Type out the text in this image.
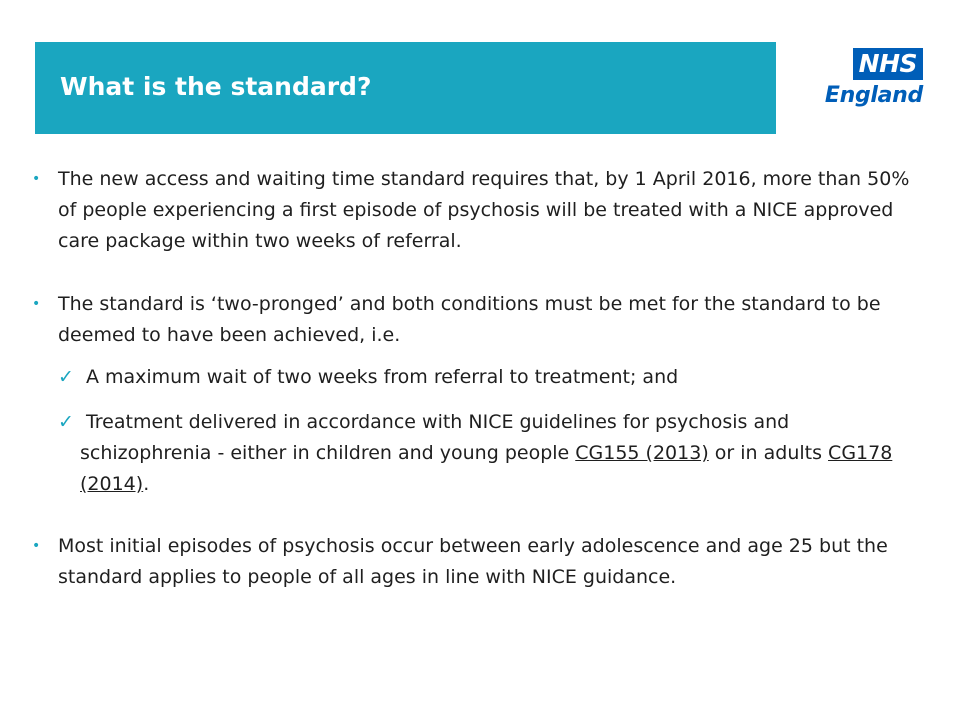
What is the standard?
NHS
England
• The new access and waiting time standard requires that, by 1 April 2016, more than 50% of people experiencing a first episode of psychosis will be treated with a NICE approved care package within two weeks of referral.
• The standard is ‘two-pronged’ and both conditions must be met for the standard to be deemed to have been achieved, i.e.
✓ A maximum wait of two weeks from referral to treatment; and
✓ Treatment delivered in accordance with NICE guidelines for psychosis and schizophrenia - either in children and young people CG155 (2013) or in adults CG178 (2014).
• Most initial episodes of psychosis occur between early adolescence and age 25 but the standard applies to people of all ages in line with NICE guidance.
